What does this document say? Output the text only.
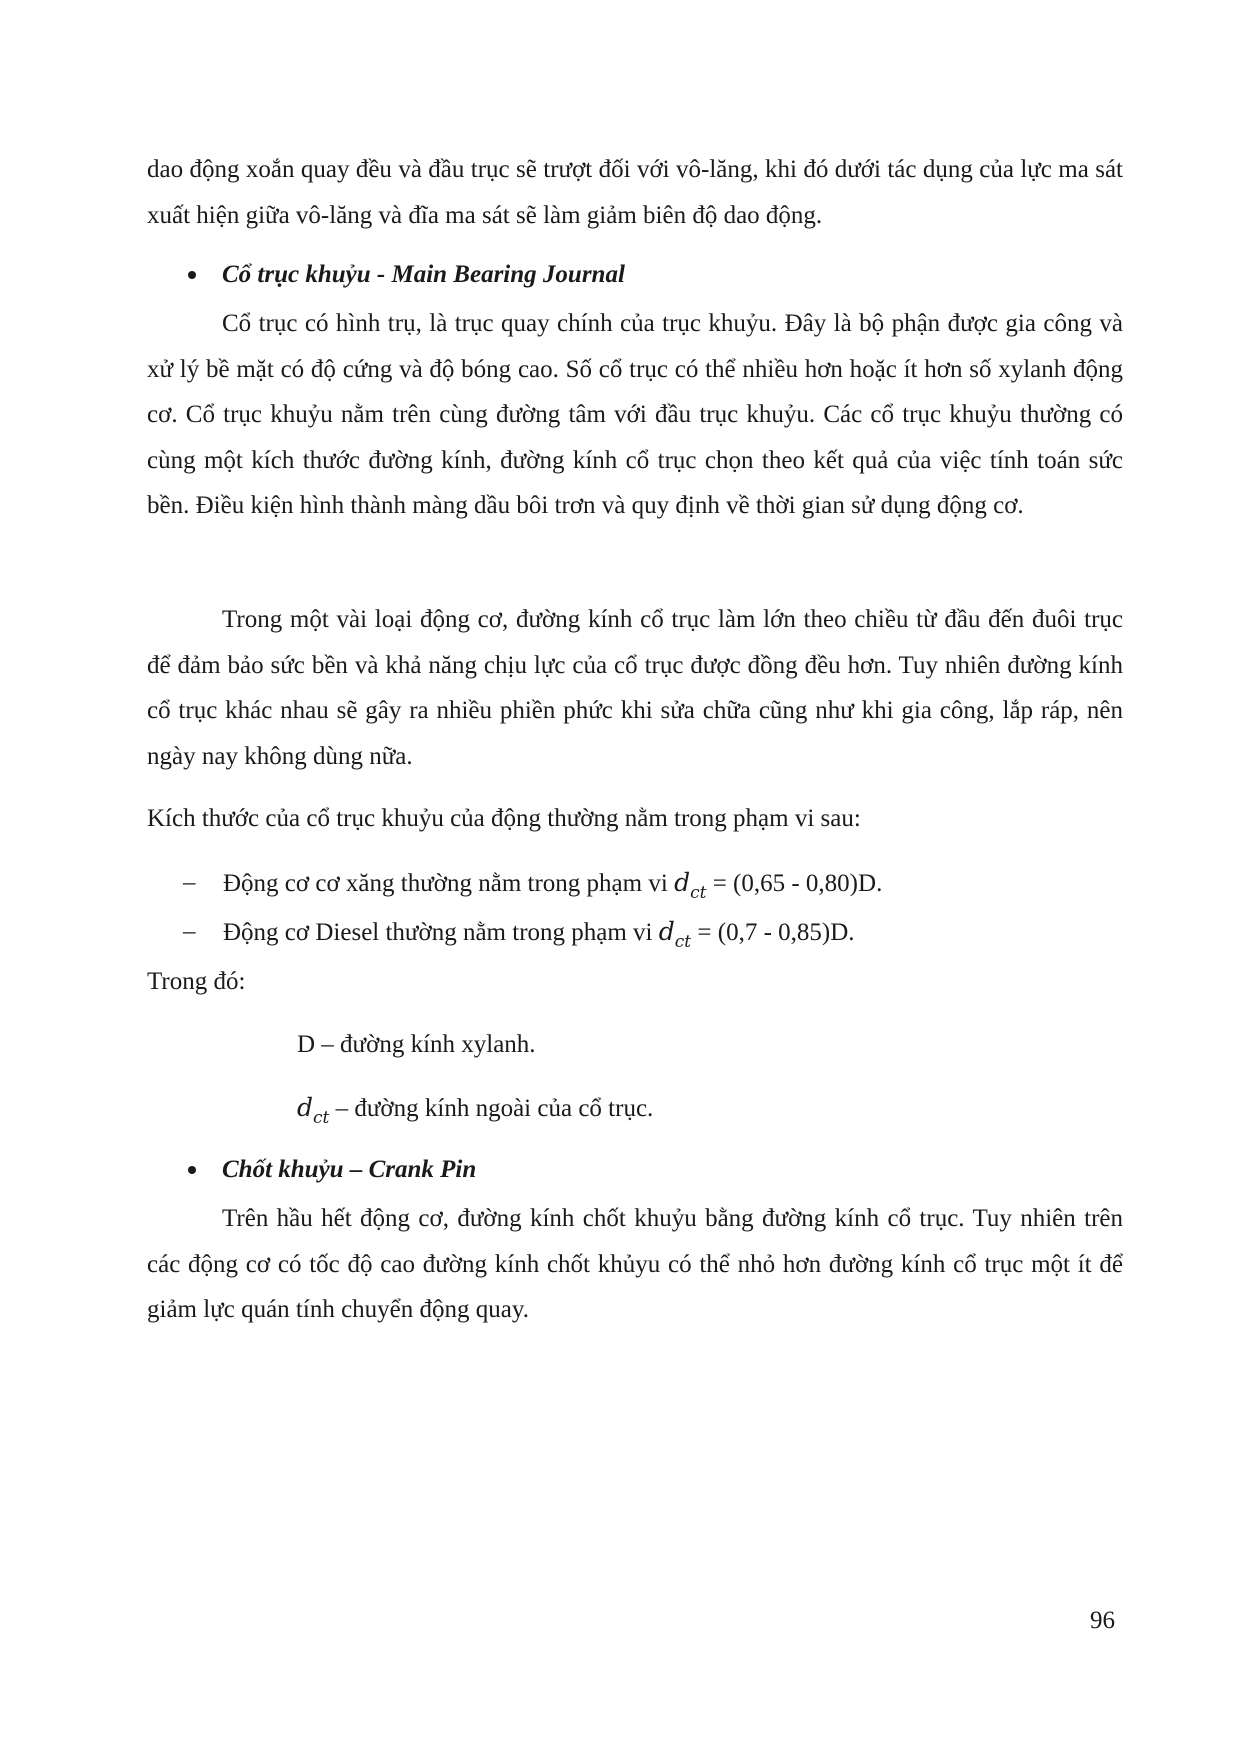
dao động xoắn quay đều và đầu trục sẽ trượt đối với vô-lăng, khi đó dưới tác dụng của lực ma sát xuất hiện giữa vô-lăng và đĩa ma sát sẽ làm giảm biên độ dao động.

Cổ trục khuỷu - Main Bearing Journal

Cổ trục có hình trụ, là trục quay chính của trục khuỷu. Đây là bộ phận được gia công và xử lý bề mặt có độ cứng và độ bóng cao. Số cổ trục có thể nhiều hơn hoặc ít hơn số xylanh động cơ. Cổ trục khuỷu nằm trên cùng đường tâm với đầu trục khuỷu. Các cổ trục khuỷu thường có cùng một kích thước đường kính, đường kính cổ trục chọn theo kết quả của việc tính toán sức bền. Điều kiện hình thành màng dầu bôi trơn và quy định về thời gian sử dụng động cơ.

Trong một vài loại động cơ, đường kính cổ trục làm lớn theo chiều từ đầu đến đuôi trục để đảm bảo sức bền và khả năng chịu lực của cổ trục được đồng đều hơn. Tuy nhiên đường kính cổ trục khác nhau sẽ gây ra nhiều phiền phức khi sửa chữa cũng như khi gia công, lắp ráp, nên ngày nay không dùng nữa.

Kích thước của cổ trục khuỷu của động thường nằm trong phạm vi sau:

– Động cơ cơ xăng thường nằm trong phạm vi $d_{ct} = (0,65 - 0,80)D$.
– Động cơ Diesel thường nằm trong phạm vi $d_{ct} = (0,7 - 0,85)D$.

Trong đó:

D – đường kính xylanh.

$d_{ct}$ – đường kính ngoài của cổ trục.

Chốt khuỷu – Crank Pin

Trên hầu hết động cơ, đường kính chốt khuỷu bằng đường kính cổ trục. Tuy nhiên trên các động cơ có tốc độ cao đường kính chốt khủyu có thể nhỏ hơn đường kính cổ trục một ít để giảm lực quán tính chuyển động quay.

96
